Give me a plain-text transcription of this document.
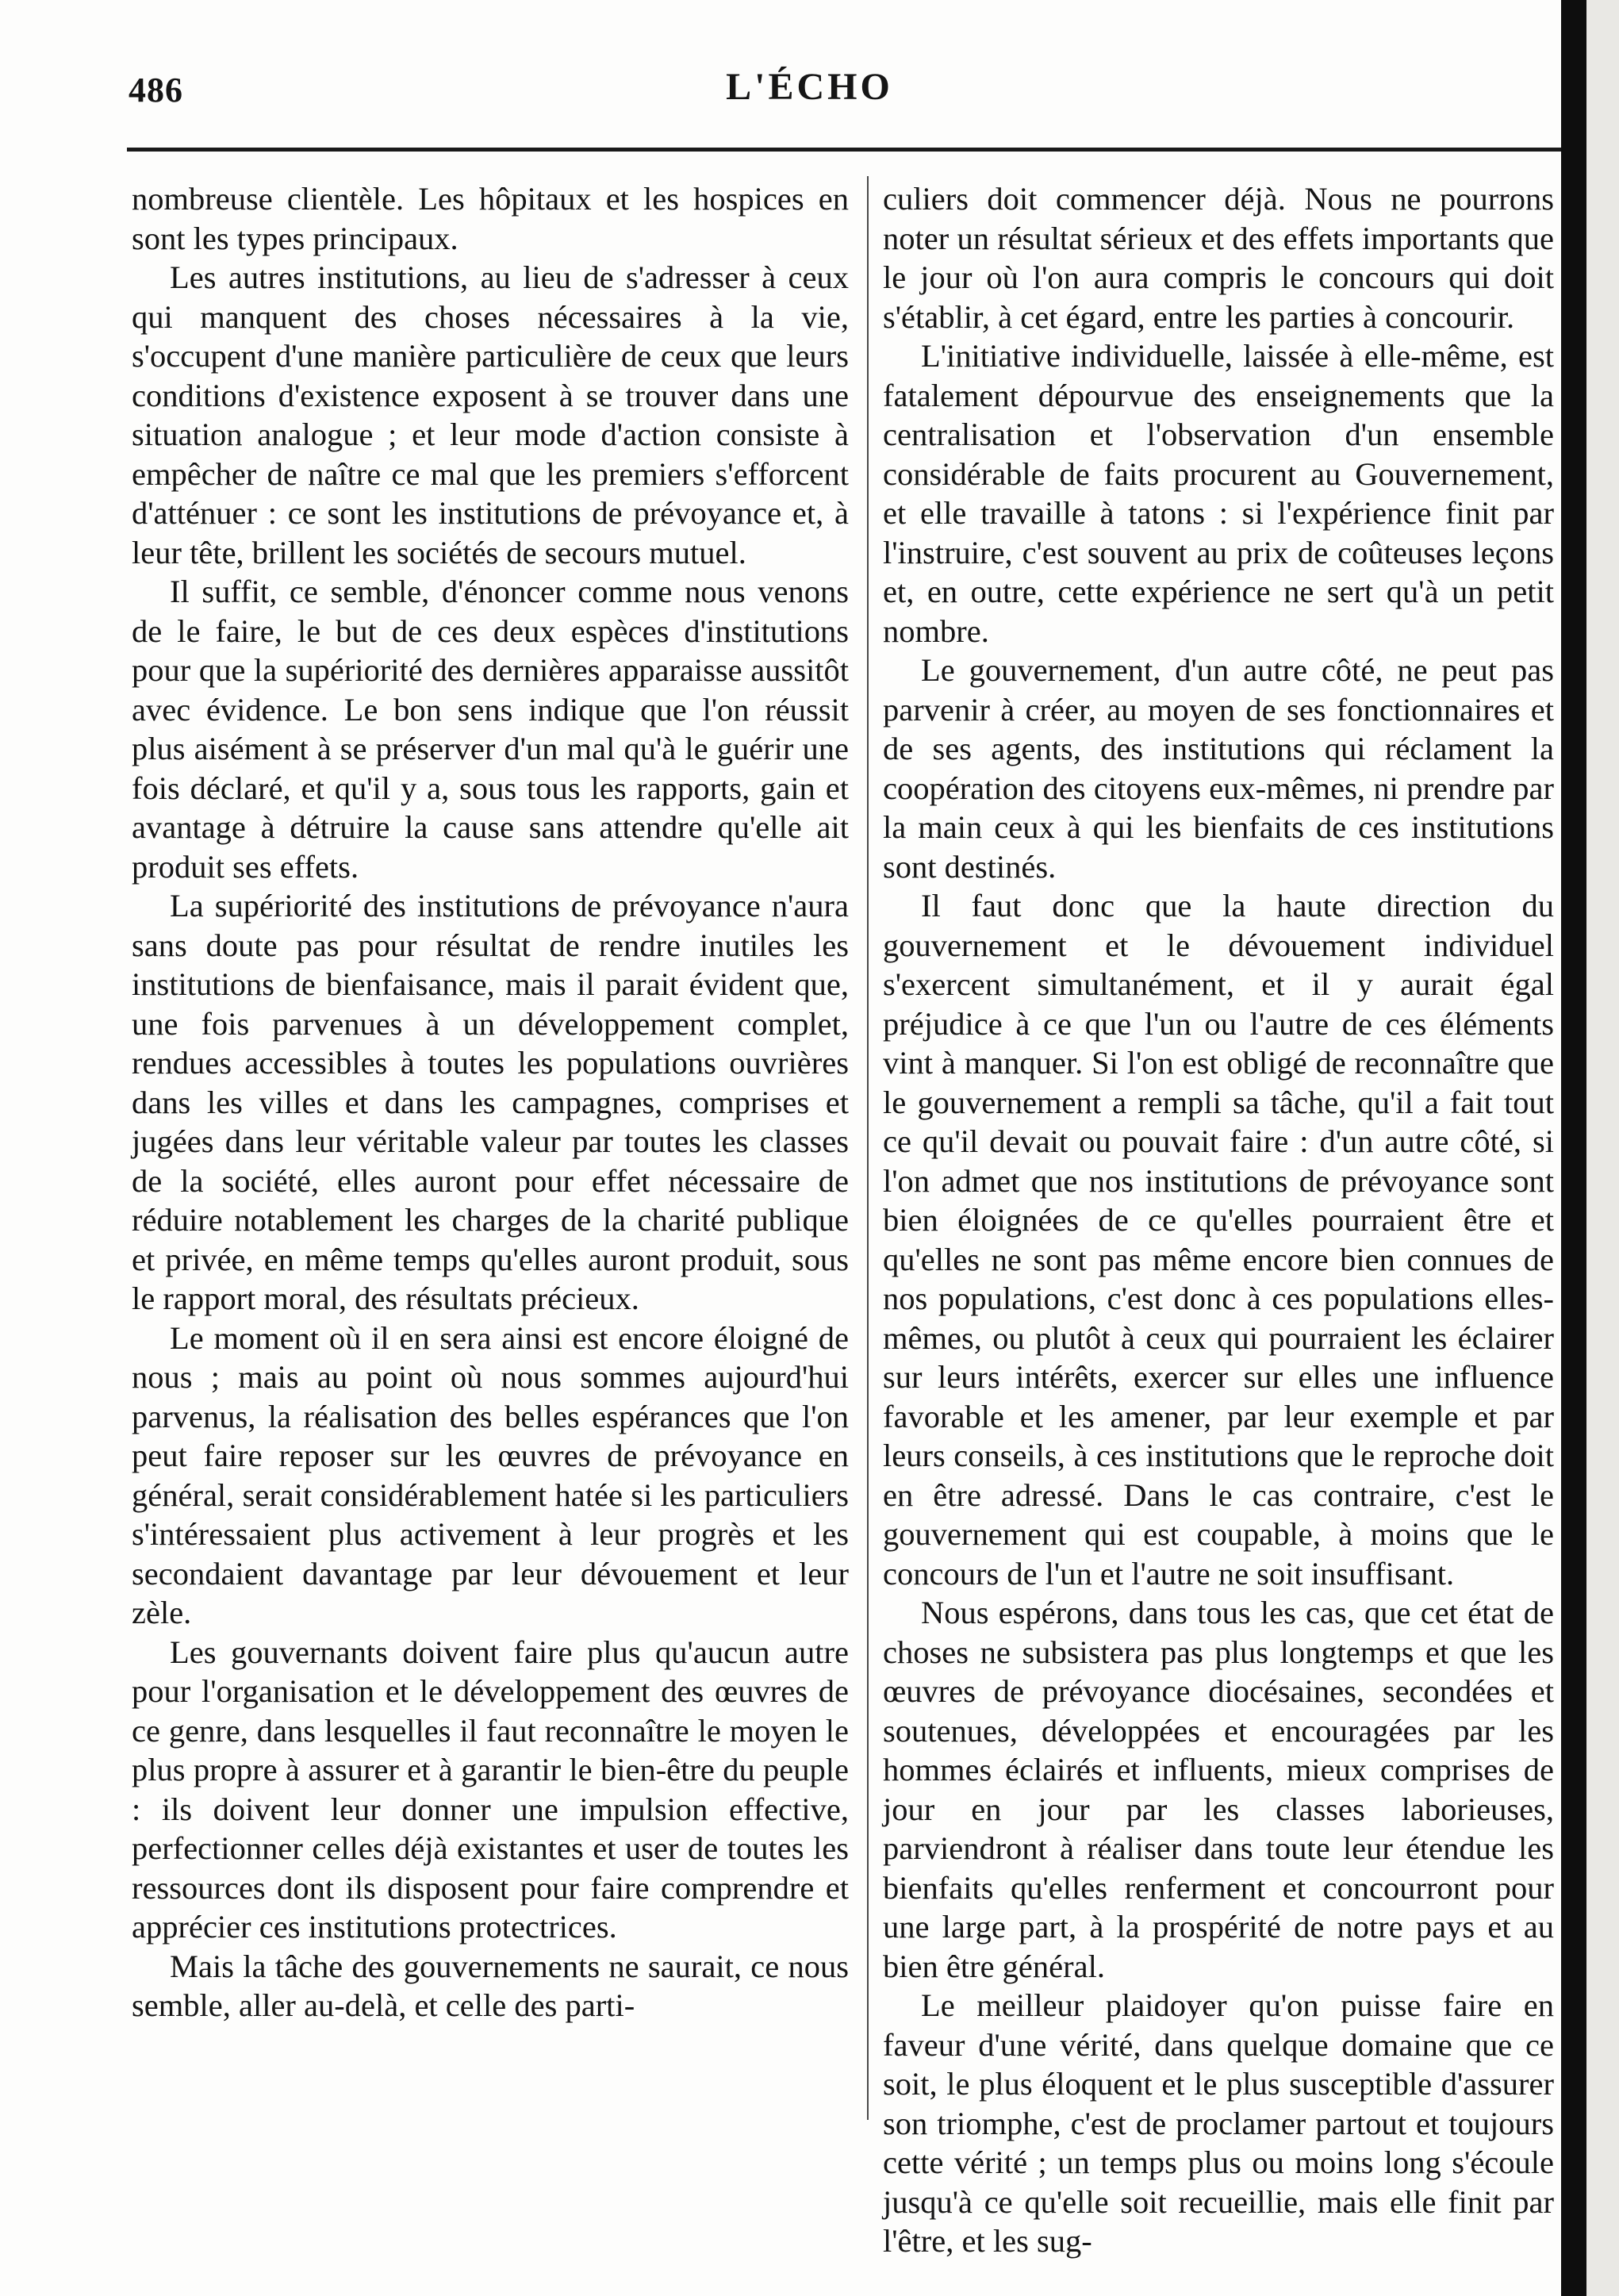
486	L'ÉCHO

nombreuse clientèle. Les hôpitaux et les hospices en sont les types principaux.

Les autres institutions, au lieu de s'adresser à ceux qui manquent des choses nécessaires à la vie, s'occupent d'une manière particulière de ceux que leurs conditions d'existence exposent à se trouver dans une situation analogue ; et leur mode d'action consiste à empêcher de naître ce mal que les premiers s'efforcent d'atténuer : ce sont les institutions de prévoyance et, à leur tête, brillent les sociétés de secours mutuel.

Il suffit, ce semble, d'énoncer comme nous venons de le faire, le but de ces deux espèces d'institutions pour que la supériorité des dernières apparaisse aussitôt avec évidence. Le bon sens indique que l'on réussit plus aisément à se préserver d'un mal qu'à le guérir une fois déclaré, et qu'il y a, sous tous les rapports, gain et avantage à détruire la cause sans attendre qu'elle ait produit ses effets.

La supériorité des institutions de prévoyance n'aura sans doute pas pour résultat de rendre inutiles les institutions de bienfaisance, mais il parait évident que, une fois parvenues à un développement complet, rendues accessibles à toutes les populations ouvrières dans les villes et dans les campagnes, comprises et jugées dans leur véritable valeur par toutes les classes de la société, elles auront pour effet nécessaire de réduire notablement les charges de la charité publique et privée, en même temps qu'elles auront produit, sous le rapport moral, des résultats précieux.

Le moment où il en sera ainsi est encore éloigné de nous ; mais au point où nous sommes aujourd'hui parvenus, la réalisation des belles espérances que l'on peut faire reposer sur les œuvres de prévoyance en général, serait considérablement hatée si les particuliers s'intéressaient plus activement à leur progrès et les secondaient davantage par leur dévouement et leur zèle.

Les gouvernants doivent faire plus qu'aucun autre pour l'organisation et le développement des œuvres de ce genre, dans lesquelles il faut reconnaître le moyen le plus propre à assurer et à garantir le bien-être du peuple : ils doivent leur donner une impulsion effective, perfectionner celles déjà existantes et user de toutes les ressources dont ils disposent pour faire comprendre et apprécier ces institutions protectrices.

Mais la tâche des gouvernements ne saurait, ce nous semble, aller au-delà, et celle des parti-

culiers doit commencer déjà. Nous ne pourrons noter un résultat sérieux et des effets importants que le jour où l'on aura compris le concours qui doit s'établir, à cet égard, entre les parties à concourir.

L'initiative individuelle, laissée à elle-même, est fatalement dépourvue des enseignements que la centralisation et l'observation d'un ensemble considérable de faits procurent au Gouvernement, et elle travaille à tatons : si l'expérience finit par l'instruire, c'est souvent au prix de coûteuses leçons et, en outre, cette expérience ne sert qu'à un petit nombre.

Le gouvernement, d'un autre côté, ne peut pas parvenir à créer, au moyen de ses fonctionnaires et de ses agents, des institutions qui réclament la coopération des citoyens eux-mêmes, ni prendre par la main ceux à qui les bienfaits de ces institutions sont destinés.

Il faut donc que la haute direction du gouvernement et le dévouement individuel s'exercent simultanément, et il y aurait égal préjudice à ce que l'un ou l'autre de ces éléments vint à manquer. Si l'on est obligé de reconnaître que le gouvernement a rempli sa tâche, qu'il a fait tout ce qu'il devait ou pouvait faire : d'un autre côté, si l'on admet que nos institutions de prévoyance sont bien éloignées de ce qu'elles pourraient être et qu'elles ne sont pas même encore bien connues de nos populations, c'est donc à ces populations elles-mêmes, ou plutôt à ceux qui pourraient les éclairer sur leurs intérêts, exercer sur elles une influence favorable et les amener, par leur exemple et par leurs conseils, à ces institutions que le reproche doit en être adressé. Dans le cas contraire, c'est le gouvernement qui est coupable, à moins que le concours de l'un et l'autre ne soit insuffisant.

Nous espérons, dans tous les cas, que cet état de choses ne subsistera pas plus longtemps et que les œuvres de prévoyance diocésaines, secondées et soutenues, développées et encouragées par les hommes éclairés et influents, mieux comprises de jour en jour par les classes laborieuses, parviendront à réaliser dans toute leur étendue les bienfaits qu'elles renferment et concourront pour une large part, à la prospérité de notre pays et au bien être général.

Le meilleur plaidoyer qu'on puisse faire en faveur d'une vérité, dans quelque domaine que ce soit, le plus éloquent et le plus susceptible d'assurer son triomphe, c'est de proclamer partout et toujours cette vérité ; un temps plus ou moins long s'écoule jusqu'à ce qu'elle soit recueillie, mais elle finit par l'être, et les sug-
